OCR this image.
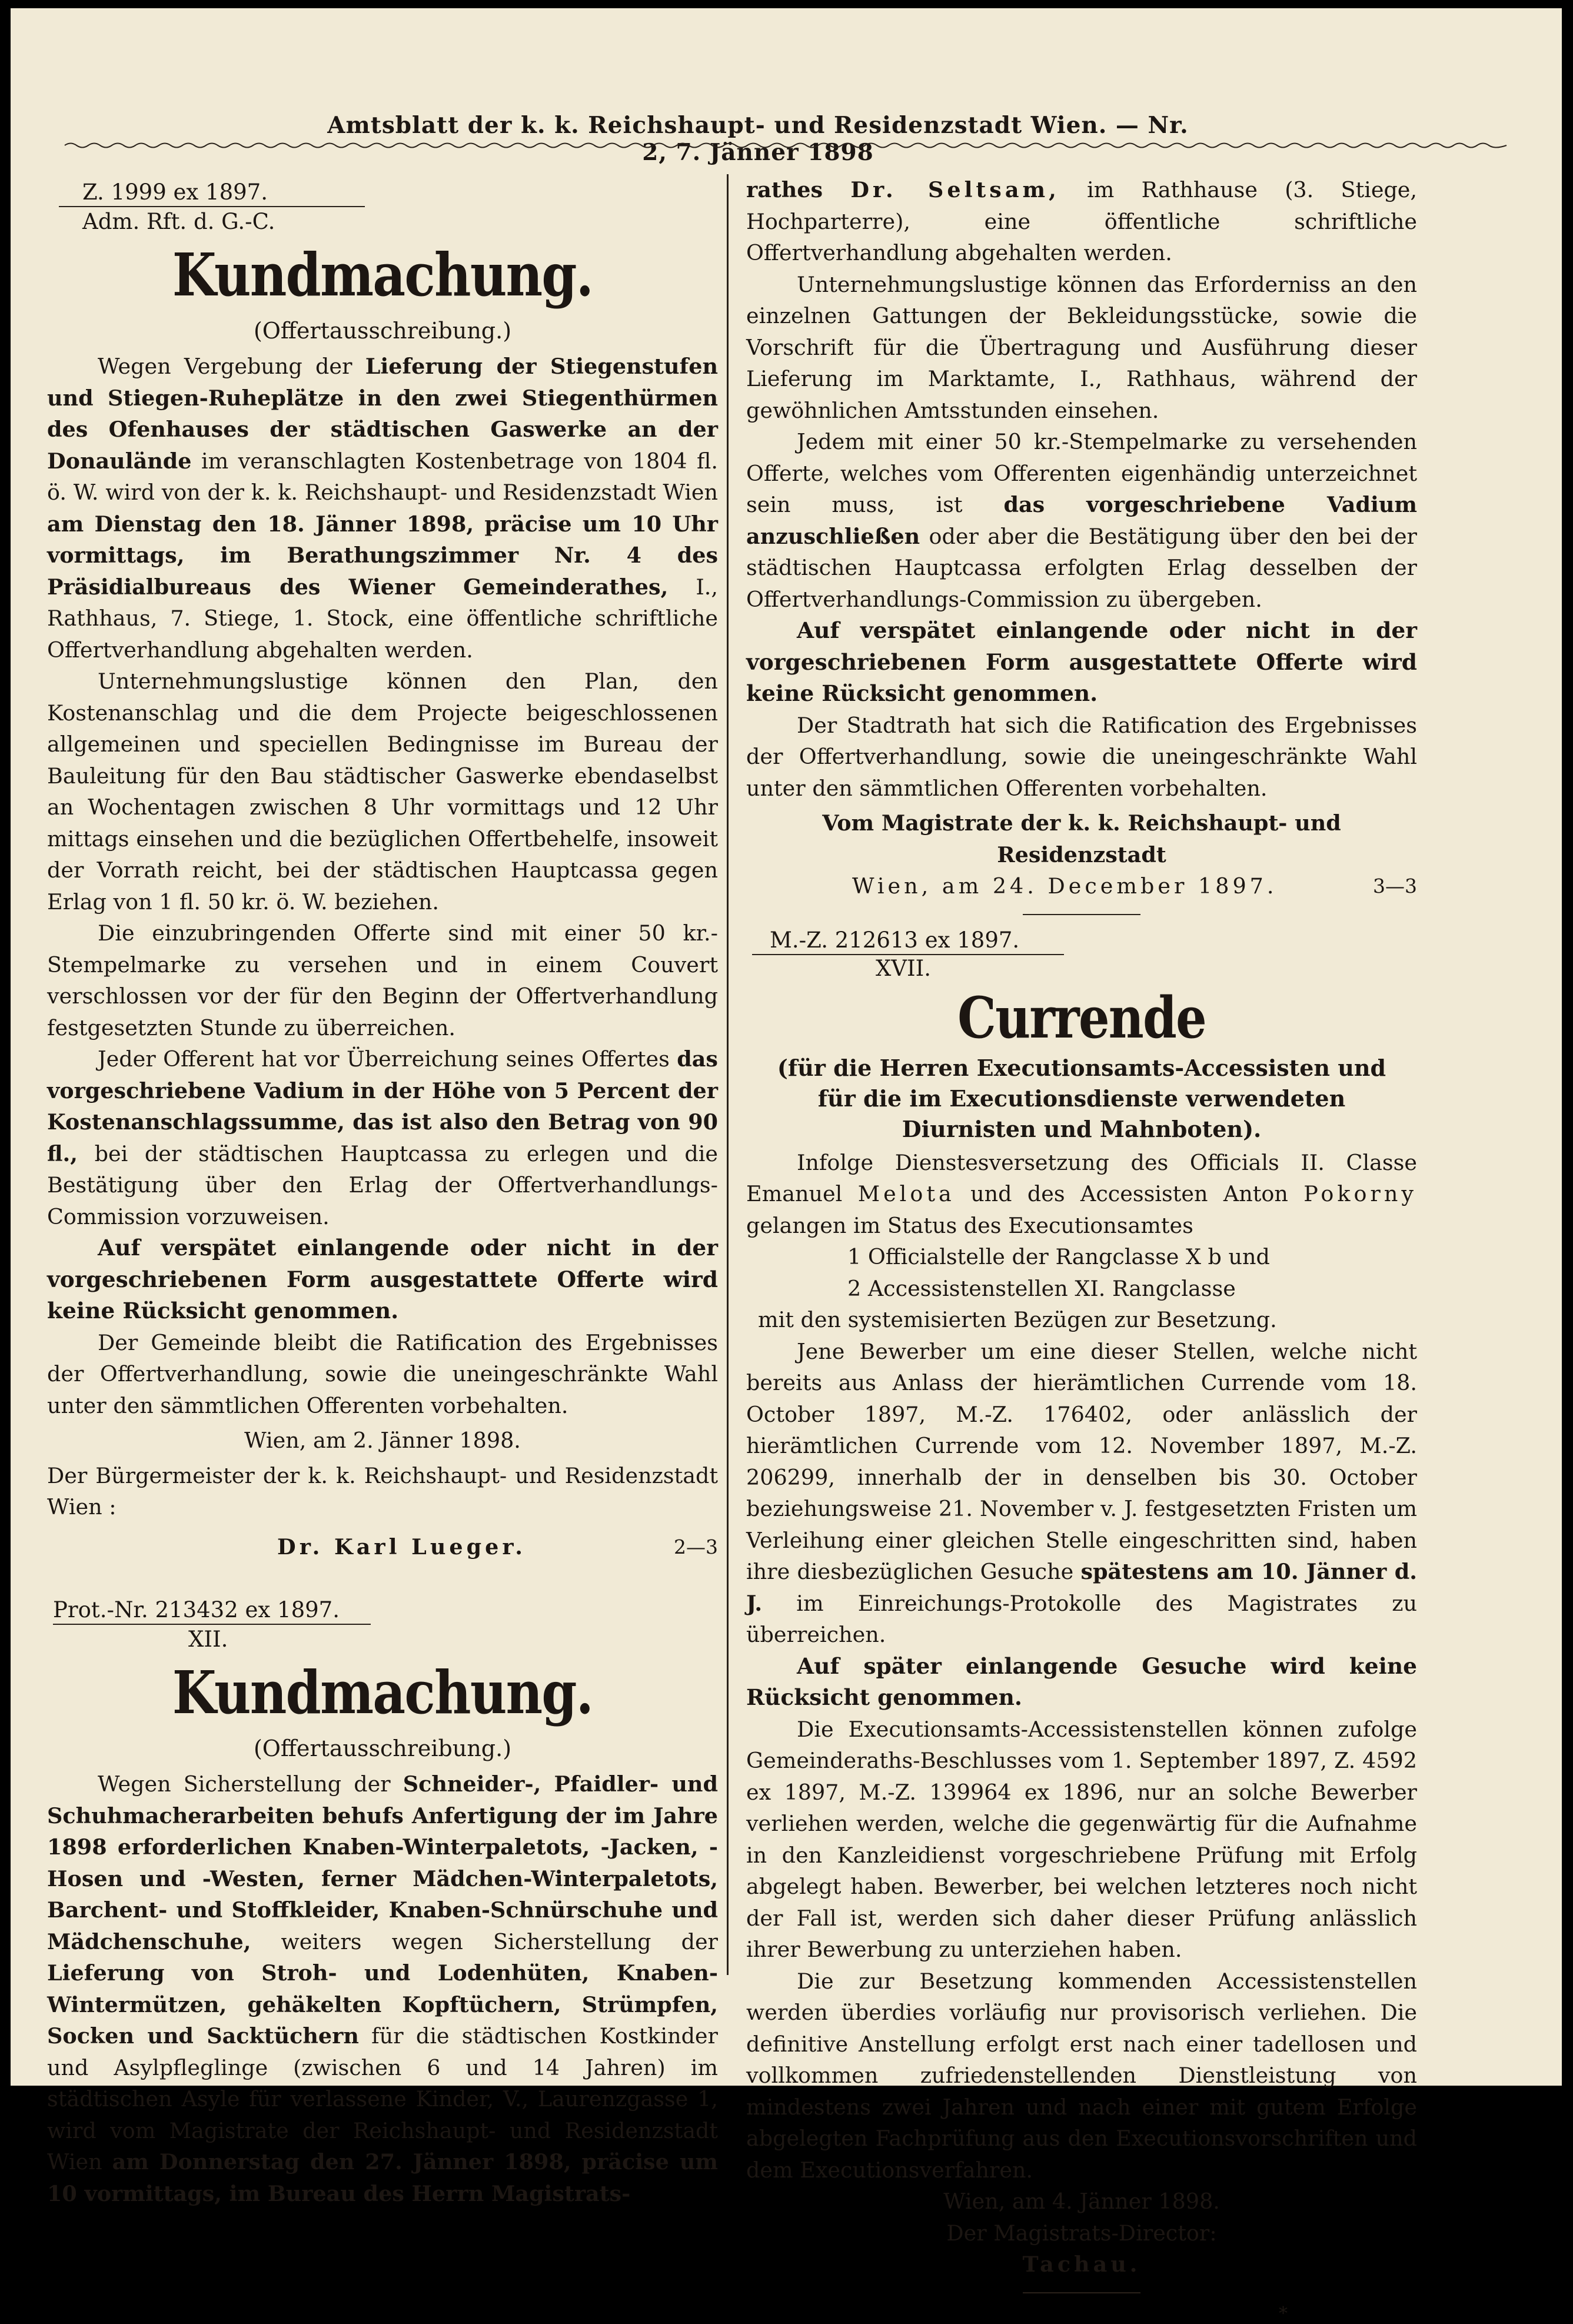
Amtsblatt der k. k. Reichshaupt- und Residenzstadt Wien. — Nr. 2, 7. Jänner 1898
Z. 1999 ex 1897.
Adm. Rft. d. G.-C.
Kundmachung.
(Offertausschreibung.)

Wegen Vergebung der Lieferung der Stiegenstufen und Stiegen-Ruheplätze in den zwei Stiegenthürmen des Ofenhauses der städtischen Gaswerke an der Donaulände im veranschlagten Kostenbetrage von 1804 fl. ö. W. wird von der k. k. Reichshaupt- und Residenzstadt Wien am Dienstag den 18. Jänner 1898, präcise um 10 Uhr vormittags, im Berathungszimmer Nr. 4 des Präsidialbureaus des Wiener Gemeinderathes, I., Rathhaus, 7. Stiege, 1. Stock, eine öffentliche schriftliche Offertverhandlung abgehalten werden.

Unternehmungslustige können den Plan, den Kostenanschlag und die dem Projecte beigeschlossenen allgemeinen und speciellen Bedingnisse im Bureau der Bauleitung für den Bau städtischer Gaswerke ebendaselbst an Wochentagen zwischen 8 Uhr vormittags und 12 Uhr mittags einsehen und die bezüglichen Offertbehelfe, insoweit der Vorrath reicht, bei der städtischen Hauptcassa gegen Erlag von 1 fl. 50 kr. ö. W. beziehen.

Die einzubringenden Offerte sind mit einer 50 kr.-Stempelmarke zu versehen und in einem Couvert verschlossen vor der für den Beginn der Offertverhandlung festgesetzten Stunde zu überreichen.

Jeder Offerent hat vor Überreichung seines Offertes das vorgeschriebene Vadium in der Höhe von 5 Percent der Kostenanschlagssumme, das ist also den Betrag von 90 fl., bei der städtischen Hauptcassa zu erlegen und die Bestätigung über den Erlag der Offertverhandlungs-Commission vorzuweisen.

Auf verspätet einlangende oder nicht in der vorgeschriebenen Form ausgestattete Offerte wird keine Rücksicht genommen.

Der Gemeinde bleibt die Ratification des Ergebnisses der Offertverhandlung, sowie die uneingeschränkte Wahl unter den sämmtlichen Offerenten vorbehalten.

Wien, am 2. Jänner 1898.

Der Bürgermeister der k. k. Reichshaupt- und Residenzstadt Wien :

Dr. Karl Lueger.	2—3
Prot.-Nr. 213432 ex 1897.
XII.
Kundmachung.
(Offertausschreibung.)

Wegen Sicherstellung der Schneider-, Pfaidler- und Schuhmacherarbeiten behufs Anfertigung der im Jahre 1898 erforderlichen Knaben-Winterpaletots, -Jacken, -Hosen und -Westen, ferner Mädchen-Winterpaletots, Barchent- und Stoffkleider, Knaben-Schnürschuhe und Mädchenschuhe, weiters wegen Sicherstellung der Lieferung von Stroh- und Lodenhüten, Knaben-Wintermützen, gehäkelten Kopftüchern, Strümpfen, Socken und Sacktüchern für die städtischen Kostkinder und Asylpfleglinge (zwischen 6 und 14 Jahren) im städtischen Asyle für verlassene Kinder, V., Laurenzgasse 1, wird vom Magistrate der Reichshaupt- und Residenzstadt Wien am Donnerstag den 27. Jänner 1898, präcise um 10 vormittags, im Bureau des Herrn Magistrats-

rathes Dr. Seltsam, im Rathhause (3. Stiege, Hochparterre), eine öffentliche schriftliche Offertverhandlung abgehalten werden.

Unternehmungslustige können das Erforderniss an den einzelnen Gattungen der Bekleidungsstücke, sowie die Vorschrift für die Übertragung und Ausführung dieser Lieferung im Marktamte, I., Rathhaus, während der gewöhnlichen Amtsstunden einsehen.

Jedem mit einer 50 kr.-Stempelmarke zu versehenden Offerte, welches vom Offerenten eigenhändig unterzeichnet sein muss, ist das vorgeschriebene Vadium anzuschließen oder aber die Bestätigung über den bei der städtischen Hauptcassa erfolgten Erlag desselben der Offertverhandlungs-Commission zu übergeben.

Auf verspätet einlangende oder nicht in der vorgeschriebenen Form ausgestattete Offerte wird keine Rücksicht genommen.

Der Stadtrath hat sich die Ratification des Ergebnisses der Offertverhandlung, sowie die uneingeschränkte Wahl unter den sämmtlichen Offerenten vorbehalten.

Vom Magistrate der k. k. Reichshaupt- und Residenzstadt

Wien, am 24. December 1897.	3—3
M.-Z. 212613 ex 1897.
XVII.
Currende
(für die Herren Executionsamts-Accessisten und für die im Executionsdienste verwendeten Diurnisten und Mahnboten).

Infolge Dienstesversetzung des Officials II. Classe Emanuel Melota und des Accessisten Anton Pokorny gelangen im Status des Executionsamtes

1 Officialstelle der Rangclasse X b und

2 Accessistenstellen XI. Rangclasse

mit den systemisierten Bezügen zur Besetzung.

Jene Bewerber um eine dieser Stellen, welche nicht bereits aus Anlass der hierämtlichen Currende vom 18. October 1897, M.-Z. 176402, oder anlässlich der hierämtlichen Currende vom 12. November 1897, M.-Z. 206299, innerhalb der in denselben bis 30. October beziehungsweise 21. November v. J. festgesetzten Fristen um Verleihung einer gleichen Stelle eingeschritten sind, haben ihre diesbezüglichen Gesuche spätestens am 10. Jänner d. J. im Einreichungs-Protokolle des Magistrates zu überreichen.

Auf später einlangende Gesuche wird keine Rücksicht genommen.

Die Executionsamts-Accessistenstellen können zufolge Gemeinderaths-Beschlusses vom 1. September 1897, Z. 4592 ex 1897, M.-Z. 139964 ex 1896, nur an solche Bewerber verliehen werden, welche die gegenwärtig für die Aufnahme in den Kanzleidienst vorgeschriebene Prüfung mit Erfolg abgelegt haben. Bewerber, bei welchen letzteres noch nicht der Fall ist, werden sich daher dieser Prüfung anlässlich ihrer Bewerbung zu unterziehen haben.

Die zur Besetzung kommenden Accessistenstellen werden überdies vorläufig nur provisorisch verliehen. Die definitive Anstellung erfolgt erst nach einer tadellosen und vollkommen zufriedenstellenden Dienstleistung von mindestens zwei Jahren und nach einer mit gutem Erfolge abgelegten Fachprüfung aus den Executionsvorschriften und dem Executionsverfahren.

Wien, am 4. Jänner 1898.

Der Magistrats-Director:

Tachau.

*
